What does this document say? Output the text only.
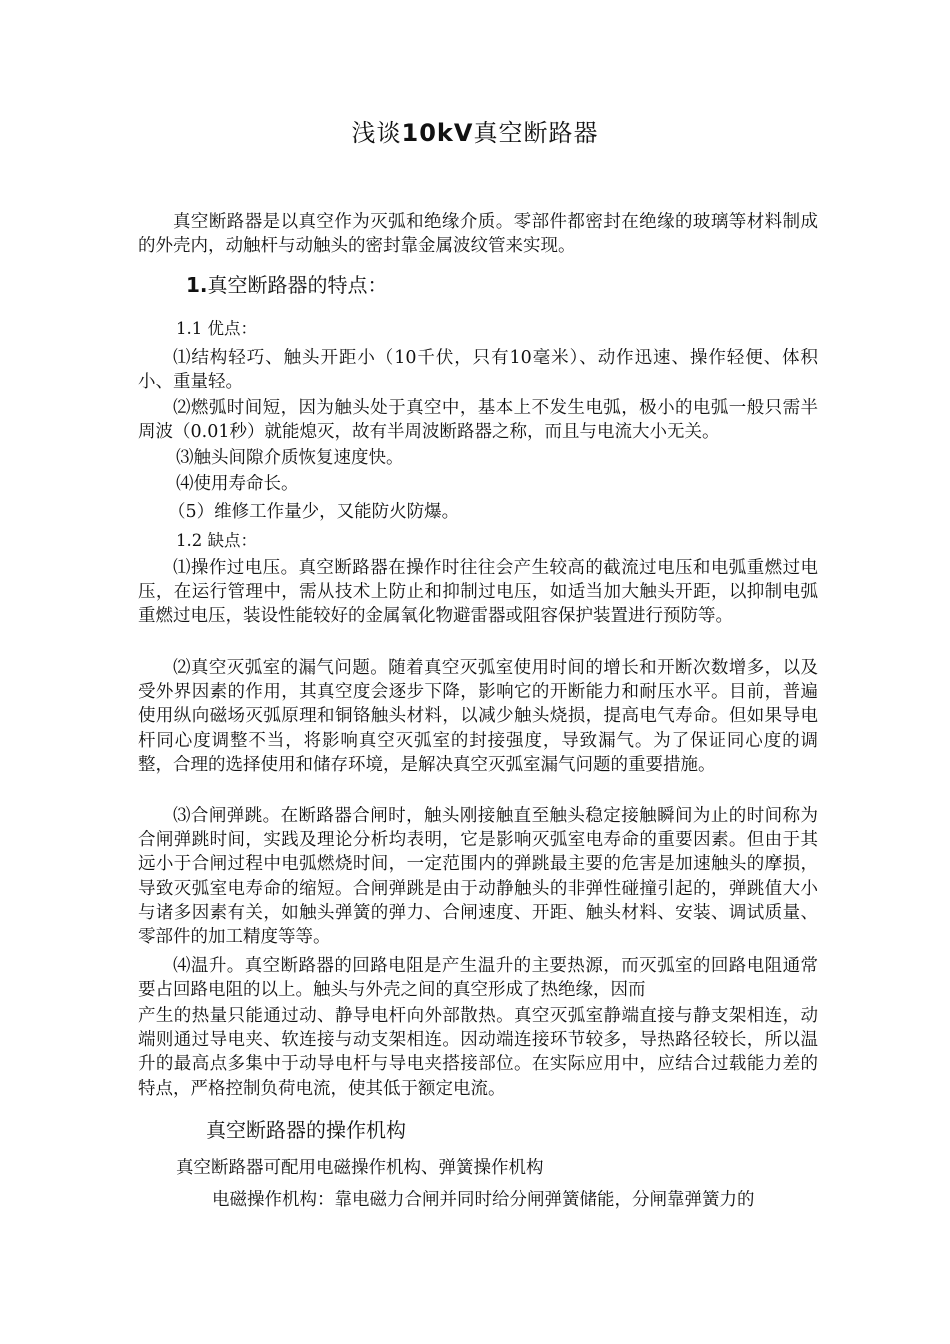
浅谈10kV真空断路器

真空断路器是以真空作为灭弧和绝缘介质。零部件都密封在绝缘的玻璃等材料制成的外壳内，动触杆与动触头的密封靠金属波纹管来实现。

1.真空断路器的特点：
1.1 优点：

⑴结构轻巧、触头开距小（10千伏，只有10毫米）、动作迅速、操作轻便、体积小、重量轻。

⑵燃弧时间短，因为触头处于真空中，基本上不发生电弧，极小的电弧一般只需半周波（0.01秒）就能熄灭，故有半周波断路器之称，而且与电流大小无关。

⑶触头间隙介质恢复速度快。
⑷使用寿命长。
（5）维修工作量少，又能防火防爆。
1.2 缺点：

⑴操作过电压。真空断路器在操作时往往会产生较高的截流过电压和电弧重燃过电压，在运行管理中，需从技术上防止和抑制过电压，如适当加大触头开距，以抑制电弧重燃过电压，装设性能较好的金属氧化物避雷器或阻容保护装置进行预防等。

⑵真空灭弧室的漏气问题。随着真空灭弧室使用时间的增长和开断次数增多，以及受外界因素的作用，其真空度会逐步下降，影响它的开断能力和耐压水平。目前，普遍使用纵向磁场灭弧原理和铜铬触头材料，以减少触头烧损，提高电气寿命。但如果导电杆同心度调整不当，将影响真空灭弧室的封接强度，导致漏气。为了保证同心度的调整，合理的选择使用和储存环境，是解决真空灭弧室漏气问题的重要措施。

⑶合闸弹跳。在断路器合闸时，触头刚接触直至触头稳定接触瞬间为止的时间称为合闸弹跳时间，实践及理论分析均表明，它是影响灭弧室电寿命的重要因素。但由于其远小于合闸过程中电弧燃烧时间，一定范围内的弹跳最主要的危害是加速触头的摩损，导致灭弧室电寿命的缩短。合闸弹跳是由于动静触头的非弹性碰撞引起的，弹跳值大小与诸多因素有关，如触头弹簧的弹力、合闸速度、开距、触头材料、安装、调试质量、零部件的加工精度等等。

⑷温升。真空断路器的回路电阻是产生温升的主要热源，而灭弧室的回路电阻通常要占回路电阻的以上。触头与外壳之间的真空形成了热绝缘，因而

产生的热量只能通过动、静导电杆向外部散热。真空灭弧室静端直接与静支架相连，动端则通过导电夹、软连接与动支架相连。因动端连接环节较多，导热路径较长，所以温升的最高点多集中于动导电杆与导电夹搭接部位。在实际应用中，应结合过载能力差的特点，严格控制负荷电流，使其低于额定电流。

真空断路器的操作机构
真空断路器可配用电磁操作机构、弹簧操作机构
电磁操作机构：靠电磁力合闸并同时给分闸弹簧储能，分闸靠弹簧力的
